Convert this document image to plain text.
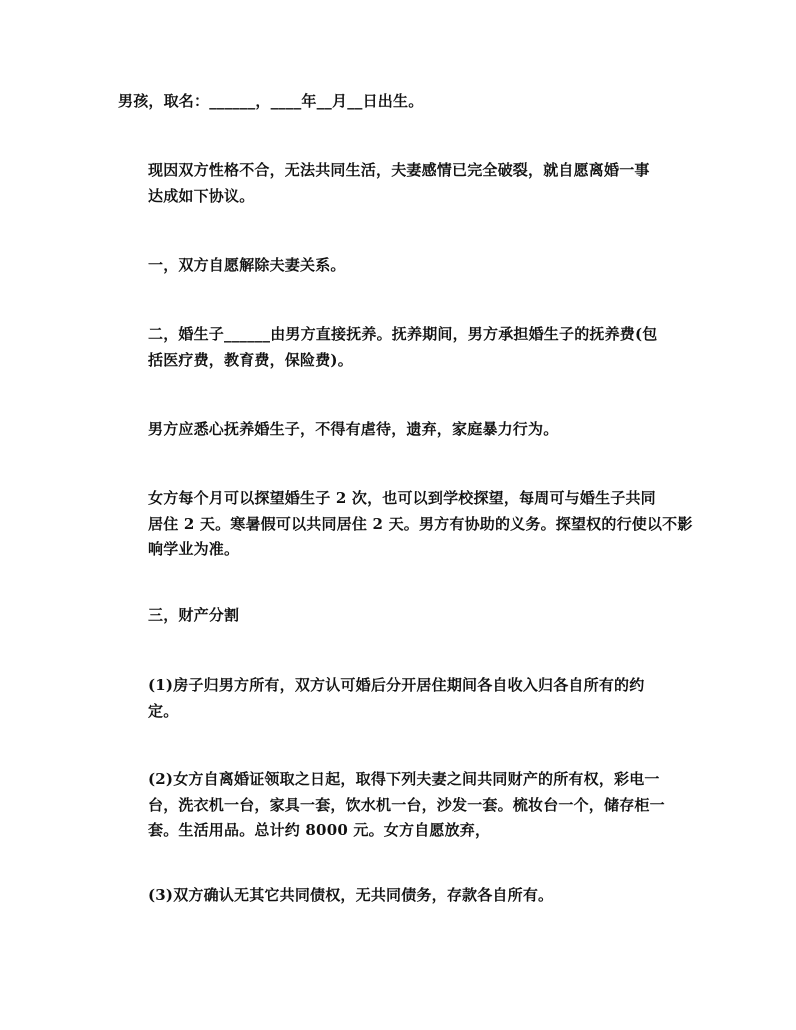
男孩，取名：______，____年__月__日出生。

现因双方性格不合，无法共同生活，夫妻感情已完全破裂，就自愿离婚一事
达成如下协议。

一，双方自愿解除夫妻关系。

二，婚生子______由男方直接抚养。抚养期间，男方承担婚生子的抚养费(包
括医疗费，教育费，保险费)。

男方应悉心抚养婚生子，不得有虐待，遗弃，家庭暴力行为。

女方每个月可以探望婚生子 2 次，也可以到学校探望，每周可与婚生子共同
居住 2 天。寒暑假可以共同居住 2 天。男方有协助的义务。探望权的行使以不影
响学业为准。

三，财产分割

(1)房子归男方所有，双方认可婚后分开居住期间各自收入归各自所有的约
定。

(2)女方自离婚证领取之日起，取得下列夫妻之间共同财产的所有权，彩电一
台，洗衣机一台，家具一套，饮水机一台，沙发一套。梳妆台一个，储存柜一
套。生活用品。总计约 8000 元。女方自愿放弃，

(3)双方确认无其它共同债权，无共同债务，存款各自所有。
